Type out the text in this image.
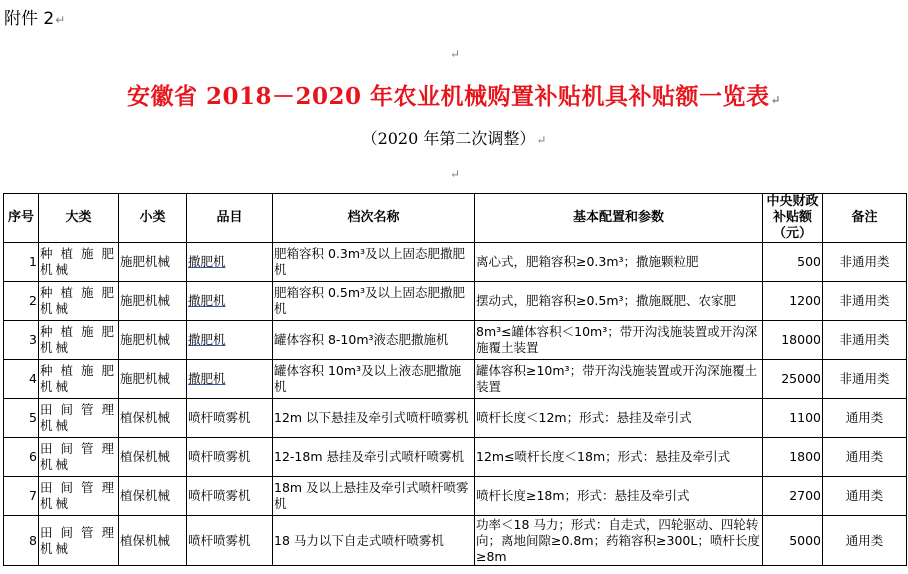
附件 2↵
↵
安徽省 2018－2020 年农业机械购置补贴机具补贴额一览表↵
（2020 年第二次调整）↵
↵
序号	大类	小类	品目	档次名称	基本配置和参数	中央财政补贴额（元）	备注
1	种植施肥机械	施肥机械	撒肥机	肥箱容积 0.3m³及以上固态肥撒肥机	离心式，肥箱容积≥0.3m³；撒施颗粒肥	500	非通用类
2	种植施肥机械	施肥机械	撒肥机	肥箱容积 0.5m³及以上固态肥撒肥机	摆动式，肥箱容积≥0.5m³；撒施厩肥、农家肥	1200	非通用类
3	种植施肥机械	施肥机械	撒肥机	罐体容积 8-10m³液态肥撒施机	8m³≤罐体容积＜10m³；带开沟浅施装置或开沟深施覆土装置	18000	非通用类
4	种植施肥机械	施肥机械	撒肥机	罐体容积 10m³及以上液态肥撒施机	罐体容积≥10m³；带开沟浅施装置或开沟深施覆土装置	25000	非通用类
5	田间管理机械	植保机械	喷杆喷雾机	12m 以下悬挂及牵引式喷杆喷雾机	喷杆长度＜12m；形式：悬挂及牵引式	1100	通用类
6	田间管理机械	植保机械	喷杆喷雾机	12-18m 悬挂及牵引式喷杆喷雾机	12m≤喷杆长度＜18m；形式：悬挂及牵引式	1800	通用类
7	田间管理机械	植保机械	喷杆喷雾机	18m 及以上悬挂及牵引式喷杆喷雾机	喷杆长度≥18m；形式：悬挂及牵引式	2700	通用类
8	田间管理机械	植保机械	喷杆喷雾机	18 马力以下自走式喷杆喷雾机	功率＜18 马力；形式：自走式，四轮驱动、四轮转向；离地间隙≥0.8m；药箱容积≥300L；喷杆长度≥8m	5000	通用类
